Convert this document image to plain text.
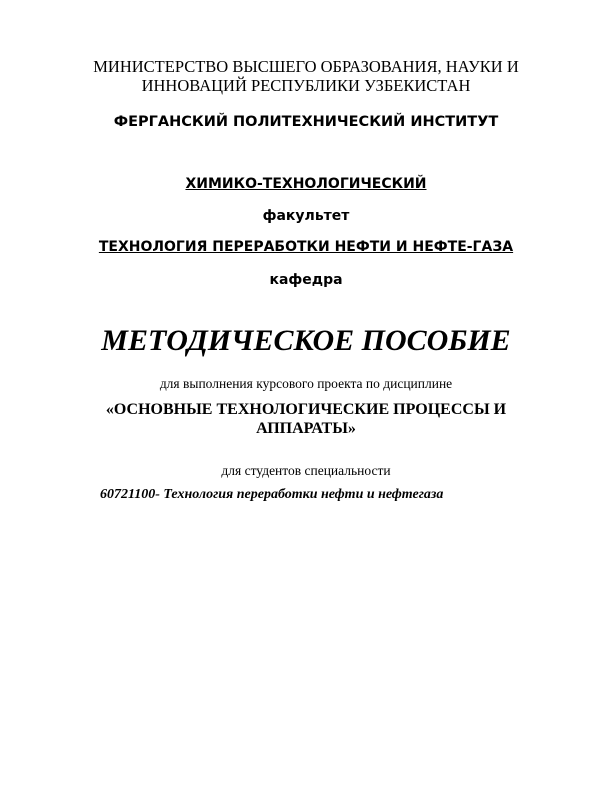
МИНИСТЕРСТВО ВЫСШЕГО ОБРАЗОВАНИЯ, НАУКИ И
ИННОВАЦИЙ РЕСПУБЛИКИ УЗБЕКИСТАН
ФЕРГАНСКИЙ ПОЛИТЕХНИЧЕСКИЙ ИНСТИТУТ
ХИМИКО-ТЕХНОЛОГИЧЕСКИЙ
факультет
ТЕХНОЛОГИЯ ПЕРЕРАБОТКИ НЕФТИ И НЕФТЕ-ГАЗА
кафедра
МЕТОДИЧЕСКОЕ ПОСОБИЕ
для выполнения курсового проекта по дисциплине
«ОСНОВНЫЕ ТЕХНОЛОГИЧЕСКИЕ ПРОЦЕССЫ И
АППАРАТЫ»
для студентов специальности
60721100- Технология переработки нефти и нефтегаза
